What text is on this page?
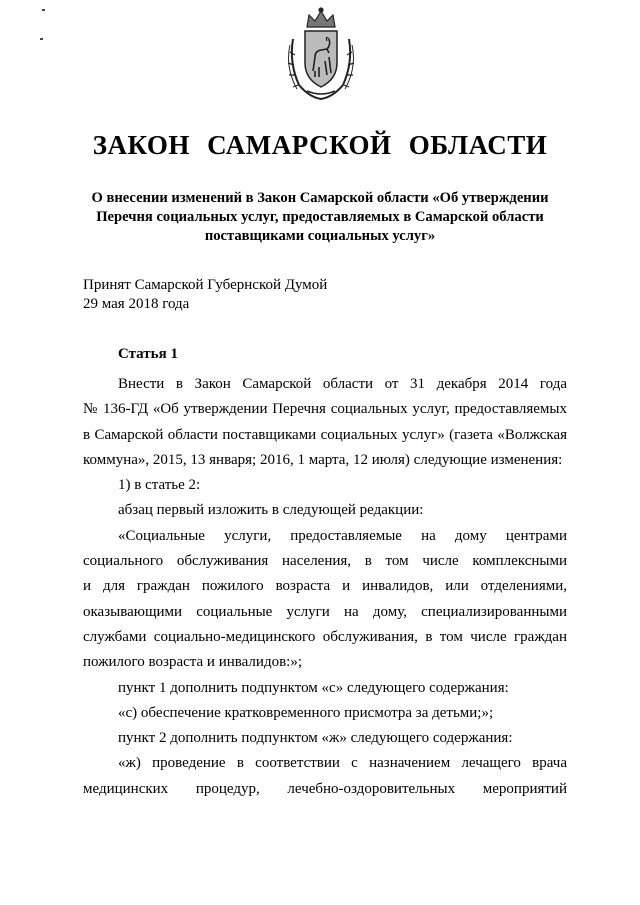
ЗАКОН САМАРСКОЙ ОБЛАСТИ
О внесении изменений в Закон Самарской области «Об утверждении
Перечня социальных услуг, предоставляемых в Самарской области
поставщиками социальных услуг»
Принят Самарской Губернской Думой
29 мая 2018 года
Статья 1

Внести в Закон Самарской области от 31 декабря 2014 года
№ 136-ГД «Об утверждении Перечня социальных услуг, предоставляемых
в Самарской области поставщиками социальных услуг» (газета «Волжская
коммуна», 2015, 13 января; 2016, 1 марта, 12 июля) следующие изменения:

1) в статье 2:

абзац первый изложить в следующей редакции:

«Социальные услуги, предоставляемые на дому центрами
социального обслуживания населения, в том числе комплексными
и для граждан пожилого возраста и инвалидов, или отделениями,
оказывающими социальные услуги на дому, специализированными
службами социально-медицинского обслуживания, в том числе граждан
пожилого возраста и инвалидов:»;

пункт 1 дополнить подпунктом «с» следующего содержания:

«с) обеспечение кратковременного присмотра за детьми;»;

пункт 2 дополнить подпунктом «ж» следующего содержания:

«ж) проведение в соответствии с назначением лечащего врача
медицинских процедур, лечебно-оздоровительных мероприятий
